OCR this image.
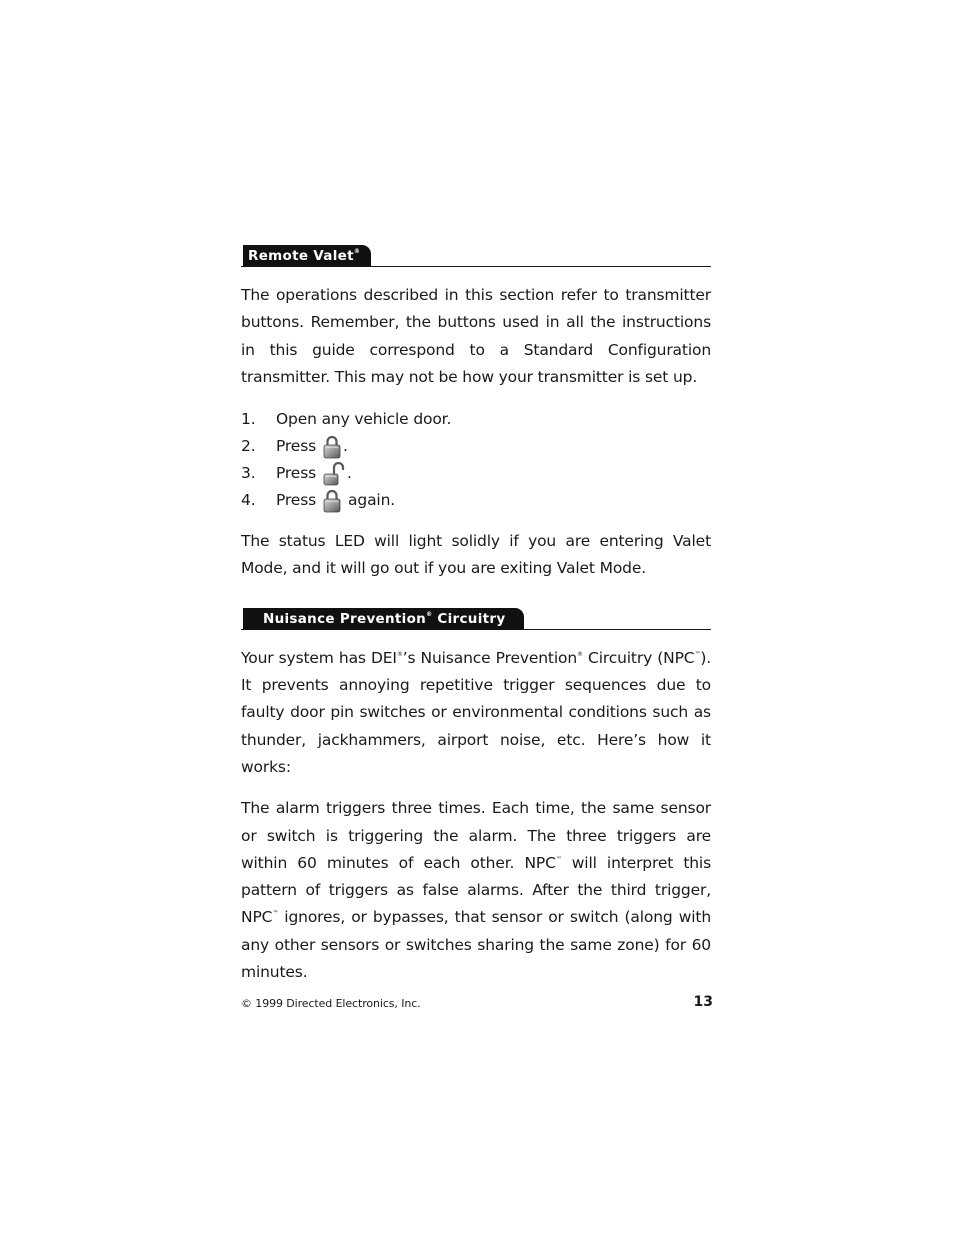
Remote Valet®

The operations described in this section refer to transmitter buttons. Remember, the buttons used in all the instructions in this guide correspond to a Standard Configuration transmitter. This may not be how your transmitter is set up.

1.	Open any vehicle door.
2.	Press .
3.	Press .
4.	Press again.

The status LED will light solidly if you are entering Valet Mode, and it will go out if you are exiting Valet Mode.

Nuisance Prevention® Circuitry

Your system has DEI®’s Nuisance Prevention® Circuitry (NPC™). It prevents annoying repetitive trigger sequences due to faulty door pin switches or environmental conditions such as thunder, jackhammers, airport noise, etc. Here’s how it works:

The alarm triggers three times. Each time, the same sensor or switch is triggering the alarm. The three triggers are within 60 minutes of each other. NPC™ will interpret this pattern of triggers as false alarms. After the third trigger, NPC™ ignores, or bypasses, that sensor or switch (along with any other sensors or switches sharing the same zone) for 60 minutes.

© 1999 Directed Electronics, Inc.	13
